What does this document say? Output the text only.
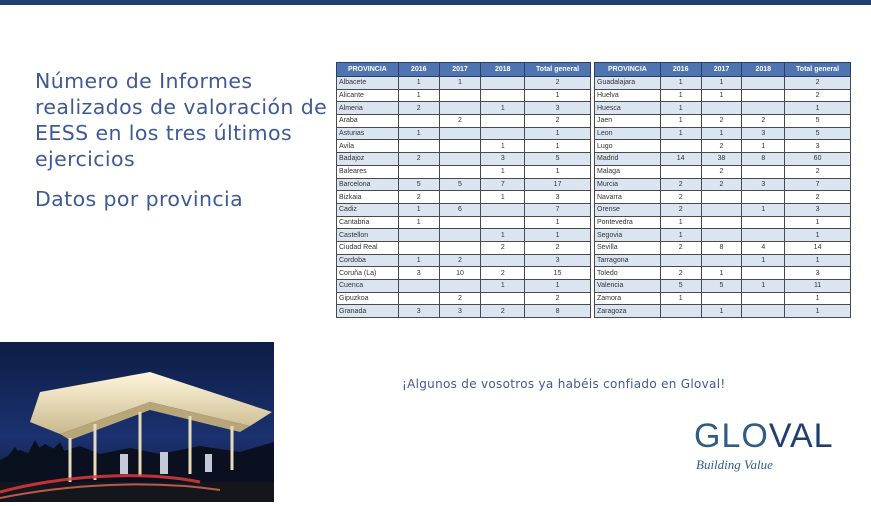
Número de Informes realizados de valoración de EESS en los tres últimos ejercicios
Datos por provincia
PROVINCIA	2016	2017	2018	Total general
Albacete	1	1		2
Alicante	1			1
Almeria	2		1	3
Araba		2		2
Asturias	1			1
Avila			1	1
Badajoz	2		3	5
Baleares			1	1
Barcelona	5	5	7	17
Bizkaia	2		1	3
Cadiz	1	6		7
Cantabria	1			1
Castellon			1	1
Ciudad Real			2	2
Cordoba	1	2		3
Coruña (La)	3	10	2	15
Cuenca			1	1
Gipuzkoa		2		2
Granada	3	3	2	8
PROVINCIA	2016	2017	2018	Total general
Guadalajara	1	1		2
Huelva	1	1		2
Huesca	1			1
Jaen	1	2	2	5
Leon	1	1	3	5
Lugo		2	1	3
Madrid	14	38	8	60
Malaga		2		2
Murcia	2	2	3	7
Navarra	2			2
Orense	2		1	3
Pontevedra	1			1
Segovia	1			1
Sevilla	2	8	4	14
Tarragona			1	1
Toledo	2	1		3
Valencia	5	5	1	11
Zamora	1			1
Zaragoza		1		1
¡Algunos de vosotros ya habéis confiado en Gloval!
GLOVAL
Building Value
